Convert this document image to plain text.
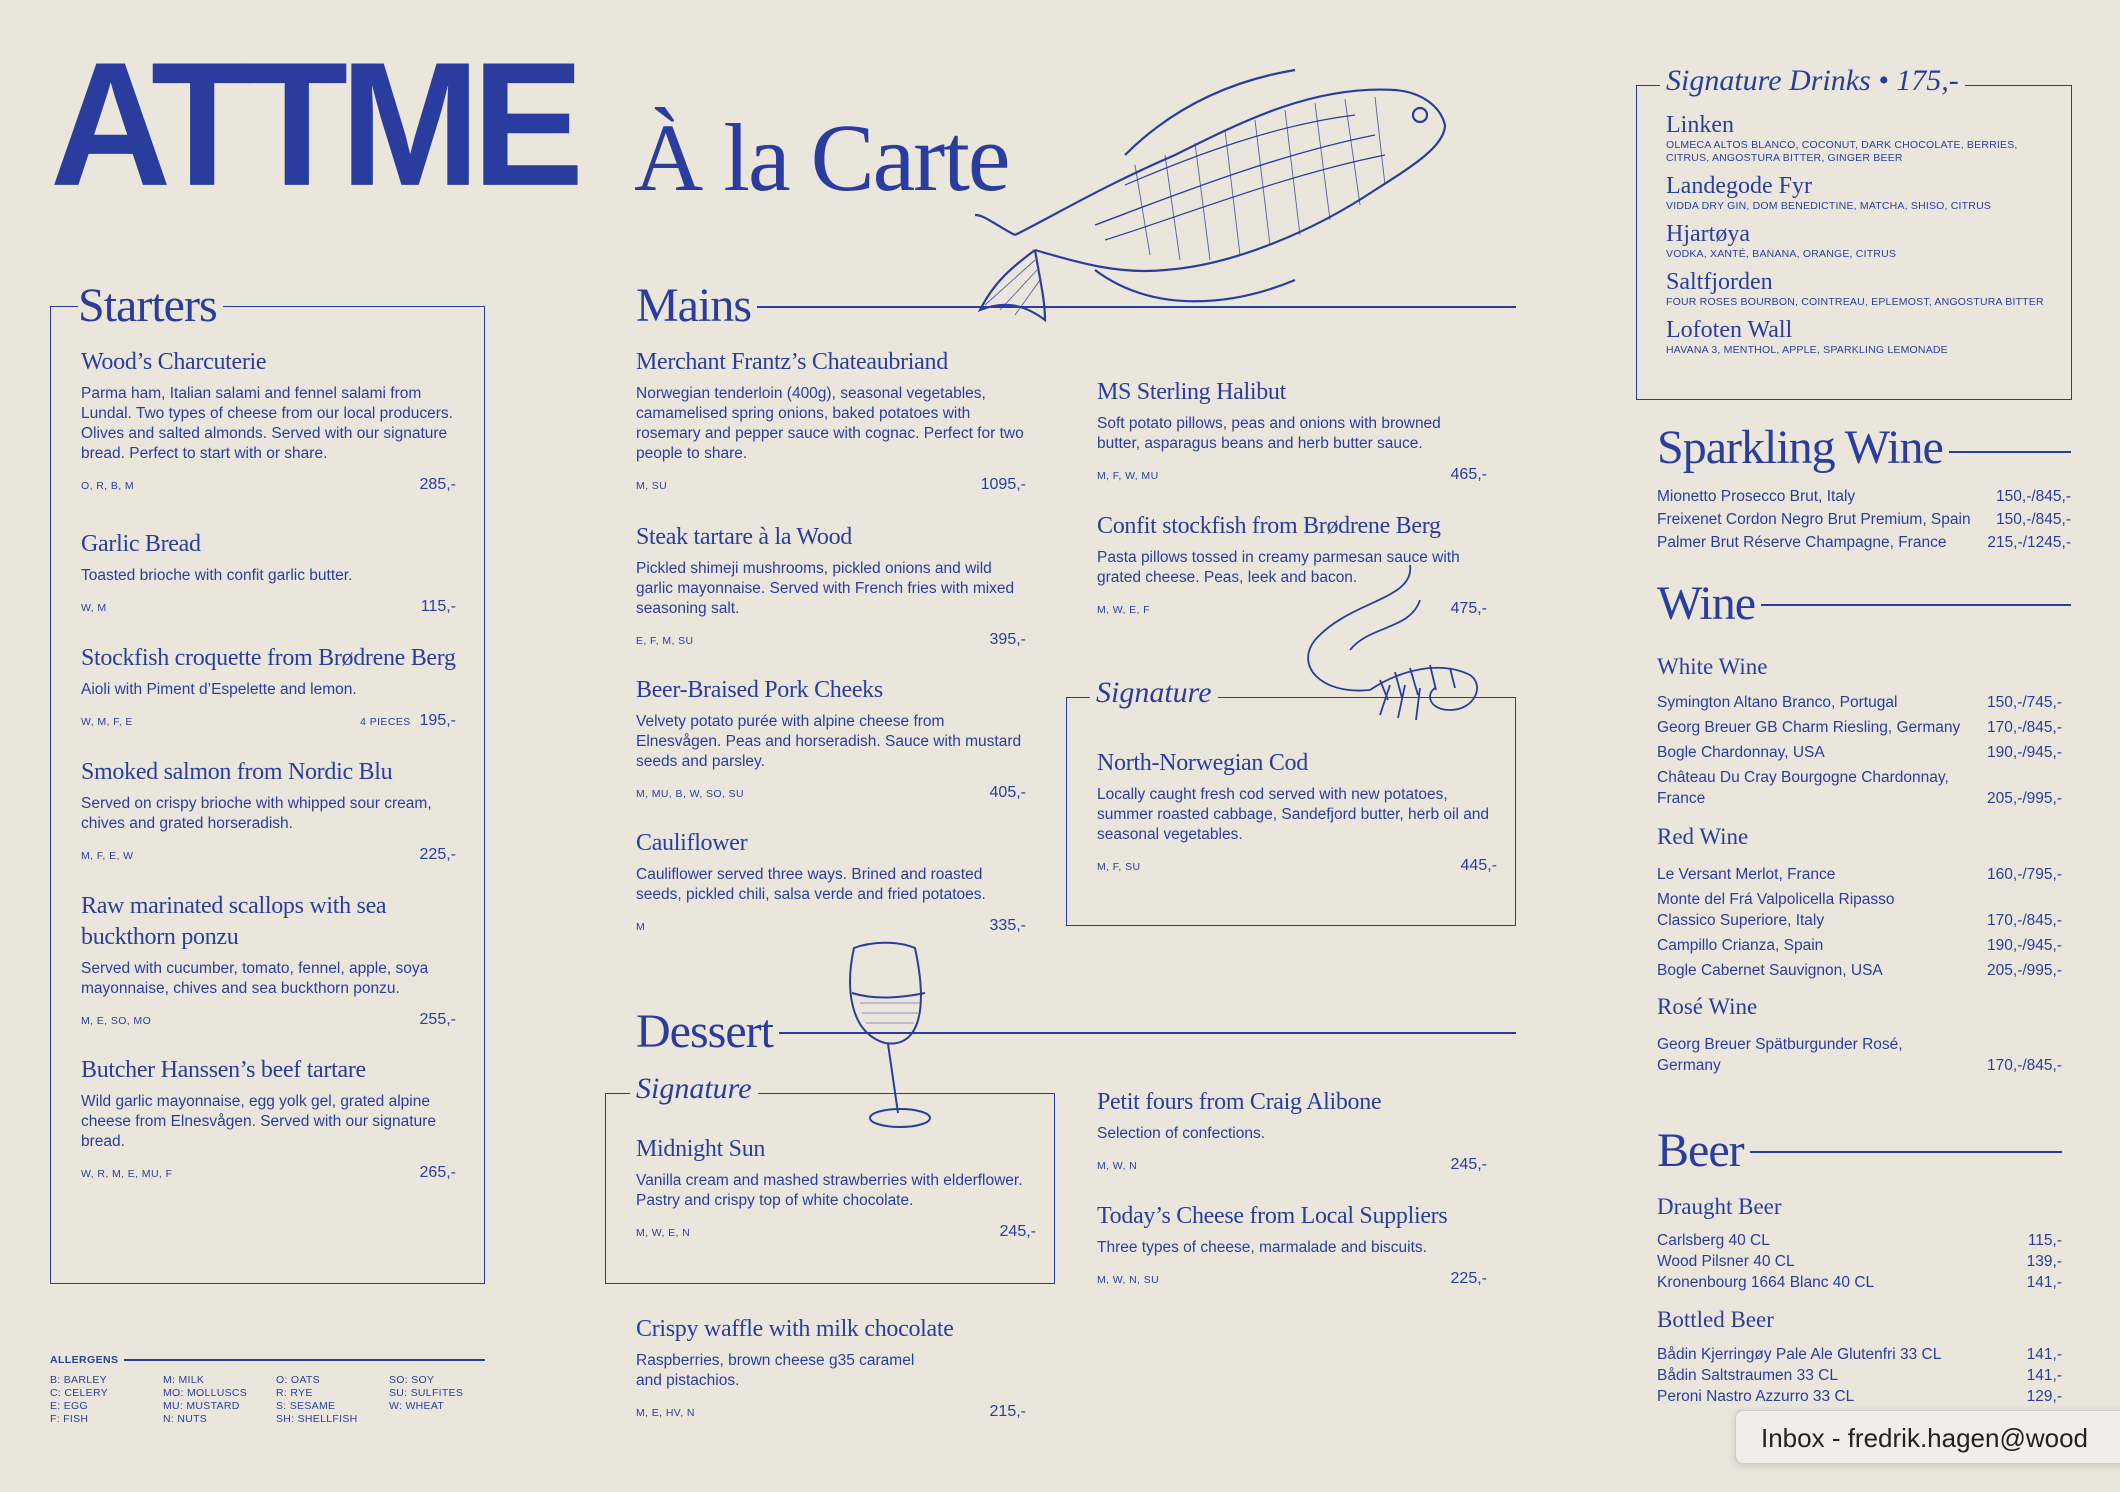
ATTME À la Carte
Starters
Wood’s Charcuterie
Parma ham, Italian salami and fennel salami from Lundal. Two types of cheese from our local producers. Olives and salted almonds. Served with our signature bread. Perfect to start with or share.
O, R, B, M	285,-
Garlic Bread
Toasted brioche with confit garlic butter.
W, M	115,-
Stockfish croquette from Brødrene Berg
Aioli with Piment d’Espelette and lemon.
W, M, F, E	4 PIECES 195,-
Smoked salmon from Nordic Blu
Served on crispy brioche with whipped sour cream, chives and grated horseradish.
M, F, E, W	225,-
Raw marinated scallops with sea buckthorn ponzu
Served with cucumber, tomato, fennel, apple, soya mayonnaise, chives and sea buckthorn ponzu.
M, E, SO, MO	255,-
Butcher Hanssen’s beef tartare
Wild garlic mayonnaise, egg yolk gel, grated alpine cheese from Elnesvågen. Served with our signature bread.
W, R, M, E, MU, F	265,-
ALLERGENS
B: BARLEY	M: MILK	O: OATS	SO: SOY
C: CELERY	MO: MOLLUSCS	R: RYE	SU: SULFITES
E: EGG	MU: MUSTARD	S: SESAME	W: WHEAT
F: FISH	N: NUTS	SH: SHELLFISH
Mains
Merchant Frantz’s Chateaubriand
Norwegian tenderloin (400g), seasonal vegetables, camamelised spring onions, baked potatoes with rosemary and pepper sauce with cognac. Perfect for two people to share.
M, SU	1095,-
Steak tartare à la Wood
Pickled shimeji mushrooms, pickled onions and wild garlic mayonnaise. Served with French fries with mixed seasoning salt.
E, F, M, SU	395,-
Beer-Braised Pork Cheeks
Velvety potato purée with alpine cheese from Elnesvågen. Peas and horseradish. Sauce with mustard seeds and parsley.
M, MU, B, W, SO, SU	405,-
Cauliflower
Cauliflower served three ways. Brined and roasted seeds, pickled chili, salsa verde and fried potatoes.
M	335,-
MS Sterling Halibut
Soft potato pillows, peas and onions with browned butter, asparagus beans and herb butter sauce.
M, F, W, MU	465,-
Confit stockfish from Brødrene Berg
Pasta pillows tossed in creamy parmesan sauce with grated cheese. Peas, leek and bacon.
M, W, E, F	475,-
Signature
North-Norwegian Cod
Locally caught fresh cod served with new potatoes, summer roasted cabbage, Sandefjord butter, herb oil and seasonal vegetables.
M, F, SU	445,-
Dessert
Signature
Midnight Sun
Vanilla cream and mashed strawberries with elderflower. Pastry and crispy top of white chocolate.
M, W, E, N	245,-
Crispy waffle with milk chocolate
Raspberries, brown cheese g35 caramel and pistachios.
M, E, HV, N	215,-
Petit fours from Craig Alibone
Selection of confections.
M, W, N	245,-
Today’s Cheese from Local Suppliers
Three types of cheese, marmalade and biscuits.
M, W, N, SU	225,-
Signature Drinks • 175,-
Linken
OLMECA ALTOS BLANCO, COCONUT, DARK CHOCOLATE, BERRIES, CITRUS, ANGOSTURA BITTER, GINGER BEER
Landegode Fyr
VIDDA DRY GIN, DOM BENEDICTINE, MATCHA, SHISO, CITRUS
Hjartøya
VODKA, XANTÉ, BANANA, ORANGE, CITRUS
Saltfjorden
FOUR ROSES BOURBON, COINTREAU, EPLEMOST, ANGOSTURA BITTER
Lofoten Wall
HAVANA 3, MENTHOL, APPLE, SPARKLING LEMONADE
Sparkling Wine
Mionetto Prosecco Brut, Italy	150,-/845,-
Freixenet Cordon Negro Brut Premium, Spain 150,-/845,-
Palmer Brut Réserve Champagne, France	215,-/1245,-
Wine
White Wine
Symington Altano Branco, Portugal	150,-/745,-
Georg Breuer GB Charm Riesling, Germany 170,-/845,-
Bogle Chardonnay, USA	190,-/945,-
Château Du Cray Bourgogne Chardonnay, France	205,-/995,-
Red Wine
Le Versant Merlot, France	160,-/795,-
Monte del Frá Valpolicella Ripasso Classico Superiore, Italy	170,-/845,-
Campillo Crianza, Spain	190,-/945,-
Bogle Cabernet Sauvignon, USA	205,-/995,-
Rosé Wine
Georg Breuer Spätburgunder Rosé, Germany	170,-/845,-
Beer
Draught Beer
Carlsberg 40 CL	115,-
Wood Pilsner 40 CL	139,-
Kronenbourg 1664 Blanc 40 CL	141,-
Bottled Beer
Bådin Kjerringøy Pale Ale Glutenfri 33 CL	141,-
Bådin Saltstraumen 33 CL	141,-
Peroni Nastro Azzurro 33 CL	129,-
Inbox - fredrik.hagen@wood
